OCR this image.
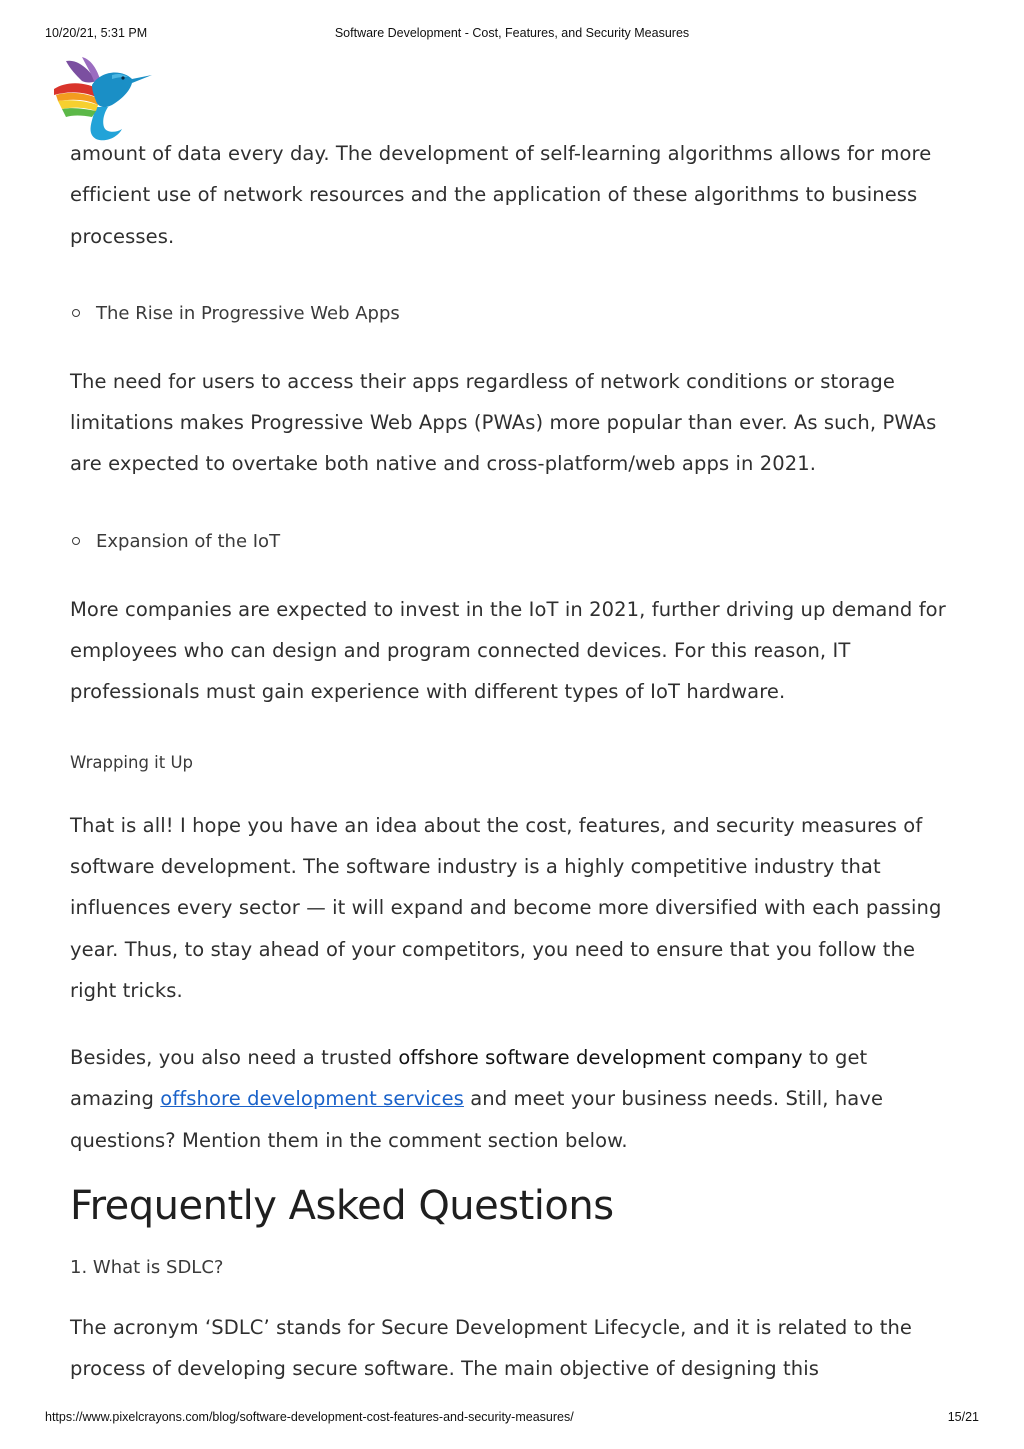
10/20/21, 5:31 PM	Software Development - Cost, Features, and Security Measures

amount of data every day. The development of self-learning algorithms allows for more efficient use of network resources and the application of these algorithms to business processes.

The Rise in Progressive Web Apps

The need for users to access their apps regardless of network conditions or storage limitations makes Progressive Web Apps (PWAs) more popular than ever. As such, PWAs are expected to overtake both native and cross-platform/web apps in 2021.

Expansion of the IoT

More companies are expected to invest in the IoT in 2021, further driving up demand for employees who can design and program connected devices. For this reason, IT professionals must gain experience with different types of IoT hardware.

Wrapping it Up

That is all! I hope you have an idea about the cost, features, and security measures of software development. The software industry is a highly competitive industry that influences every sector — it will expand and become more diversified with each passing year. Thus, to stay ahead of your competitors, you need to ensure that you follow the right tricks.

Besides, you also need a trusted offshore software development company to get amazing offshore development services and meet your business needs. Still, have questions? Mention them in the comment section below.

Frequently Asked Questions

1. What is SDLC?

The acronym ‘SDLC’ stands for Secure Development Lifecycle, and it is related to the process of developing secure software. The main objective of designing this

https://www.pixelcrayons.com/blog/software-development-cost-features-and-security-measures/	15/21
